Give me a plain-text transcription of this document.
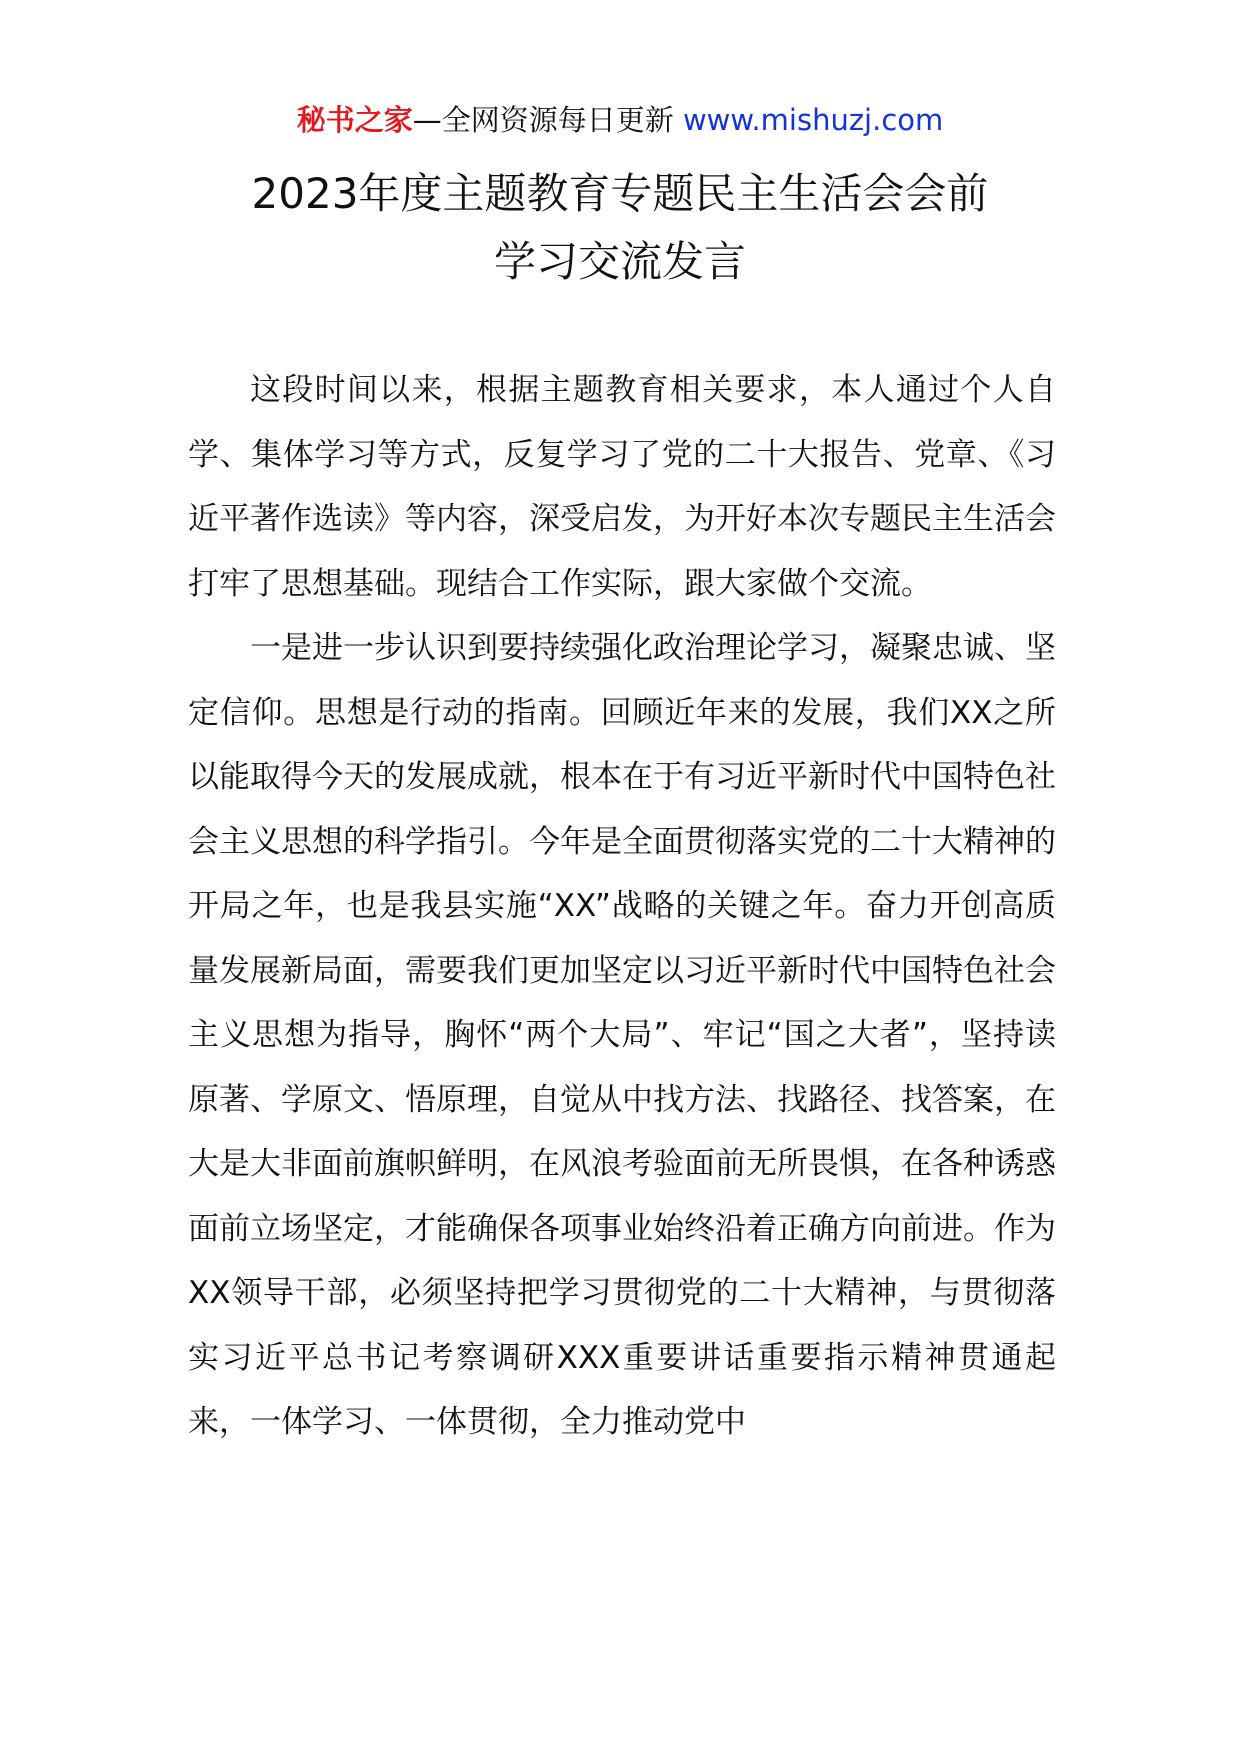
秘书之家—全网资源每日更新 www.mishuzj.com
2023年度主题教育专题民主生活会会前
学习交流发言

这段时间以来，根据主题教育相关要求，本人通过个人自学、集体学习等方式，反复学习了党的二十大报告、党章、《习近平著作选读》等内容，深受启发，为开好本次专题民主生活会打牢了思想基础。现结合工作实际，跟大家做个交流。

一是进一步认识到要持续强化政治理论学习，凝聚忠诚、坚定信仰。思想是行动的指南。回顾近年来的发展，我们XX之所以能取得今天的发展成就，根本在于有习近平新时代中国特色社会主义思想的科学指引。今年是全面贯彻落实党的二十大精神的开局之年，也是我县实施“XX”战略的关键之年。奋力开创高质量发展新局面，需要我们更加坚定以习近平新时代中国特色社会主义思想为指导，胸怀“两个大局”、牢记“国之大者”，坚持读原著、学原文、悟原理，自觉从中找方法、找路径、找答案，在大是大非面前旗帜鲜明，在风浪考验面前无所畏惧，在各种诱惑面前立场坚定，才能确保各项事业始终沿着正确方向前进。作为XX领导干部，必须坚持把学习贯彻党的二十大精神，与贯彻落实习近平总书记考察调研XXX重要讲话重要指示精神贯通起来，一体学习、一体贯彻，全力推动党中
